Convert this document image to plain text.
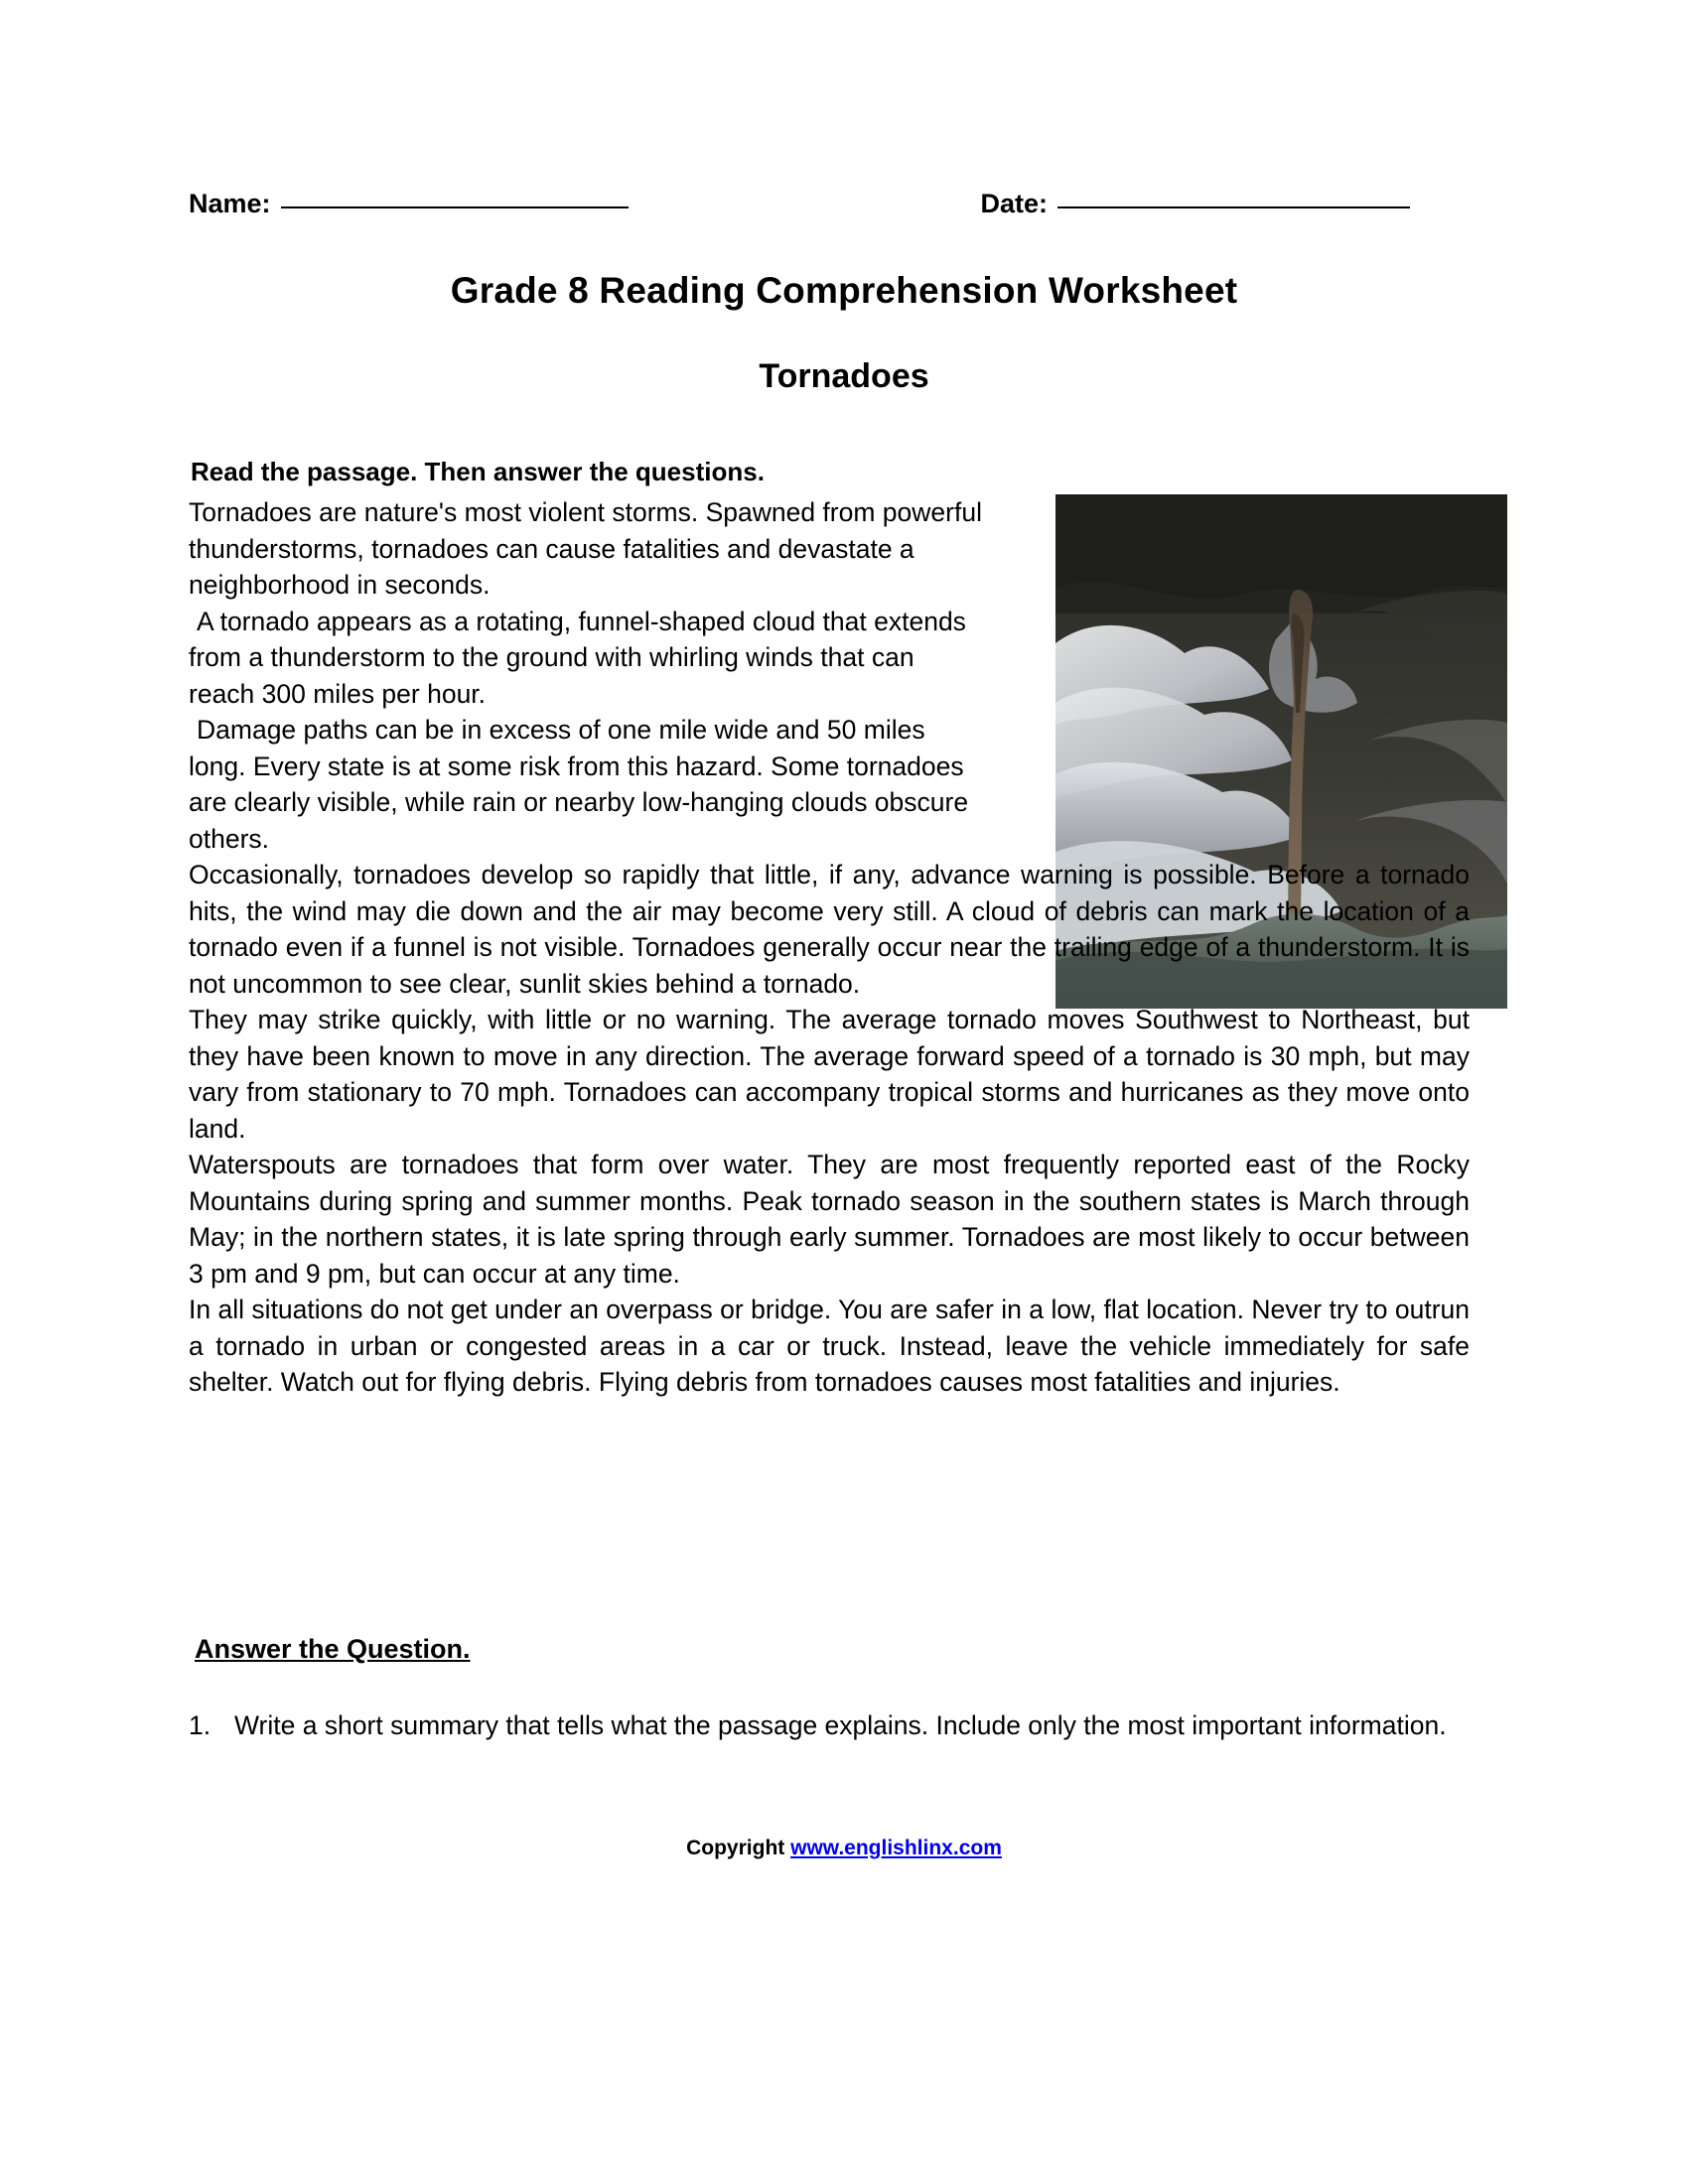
Name:	Date:
Grade 8 Reading Comprehension Worksheet
Tornadoes
Read the passage. Then answer the questions.

Tornadoes are nature's most violent storms. Spawned from powerful thunderstorms, tornadoes can cause fatalities and devastate a neighborhood in seconds.

A tornado appears as a rotating, funnel-shaped cloud that extends from a thunderstorm to the ground with whirling winds that can reach 300 miles per hour.

Damage paths can be in excess of one mile wide and 50 miles long. Every state is at some risk from this hazard. Some tornadoes are clearly visible, while rain or nearby low-hanging clouds obscure others.

Occasionally, tornadoes develop so rapidly that little, if any, advance warning is possible. Before a tornado hits, the wind may die down and the air may become very still. A cloud of debris can mark the location of a tornado even if a funnel is not visible. Tornadoes generally occur near the trailing edge of a thunderstorm. It is not uncommon to see clear, sunlit skies behind a tornado.

They may strike quickly, with little or no warning. The average tornado moves Southwest to Northeast, but they have been known to move in any direction. The average forward speed of a tornado is 30 mph, but may vary from stationary to 70 mph. Tornadoes can accompany tropical storms and hurricanes as they move onto land.

Waterspouts are tornadoes that form over water. They are most frequently reported east of the Rocky Mountains during spring and summer months. Peak tornado season in the southern states is March through May; in the northern states, it is late spring through early summer. Tornadoes are most likely to occur between 3 pm and 9 pm, but can occur at any time.

In all situations do not get under an overpass or bridge. You are safer in a low, flat location. Never try to outrun a tornado in urban or congested areas in a car or truck. Instead, leave the vehicle immediately for safe shelter. Watch out for flying debris. Flying debris from tornadoes causes most fatalities and injuries.

Answer the Question.
1. Write a short summary that tells what the passage explains. Include only the most important information.
Copyright www.englishlinx.com
